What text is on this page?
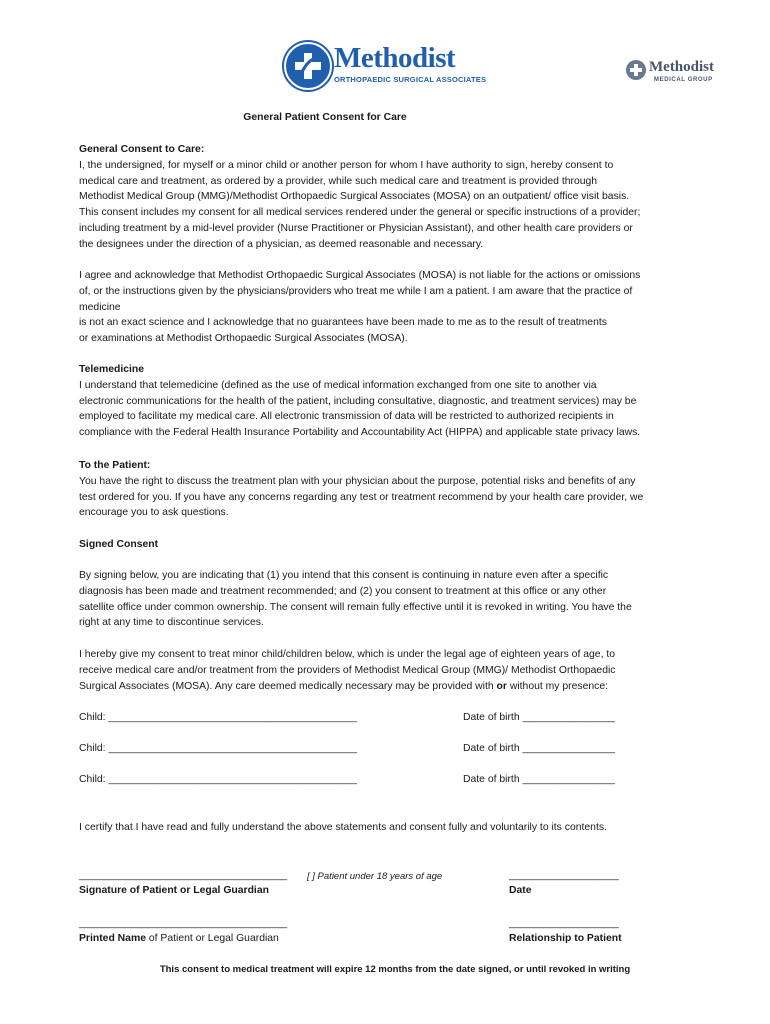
Methodist
ORTHOPAEDIC SURGICAL ASSOCIATES
Methodist
MEDICAL GROUP
General Patient Consent for Care
General Consent to Care:
I, the undersigned, for myself or a minor child or another person for whom I have authority to sign, hereby consent to
medical care and treatment, as ordered by a provider, while such medical care and treatment is provided through
Methodist Medical Group (MMG)/Methodist Orthopaedic Surgical Associates (MOSA) on an outpatient/ office visit basis.
This consent includes my consent for all medical services rendered under the general or specific instructions of a provider;
including treatment by a mid-level provider (Nurse Practitioner or Physician Assistant), and other health care providers or
the designees under the direction of a physician, as deemed reasonable and necessary.
I agree and acknowledge that Methodist Orthopaedic Surgical Associates (MOSA) is not liable for the actions or omissions
of, or the instructions given by the physicians/providers who treat me while I am a patient. I am aware that the practice of
medicine
is not an exact science and I acknowledge that no guarantees have been made to me as to the result of treatments
or examinations at Methodist Orthopaedic Surgical Associates (MOSA).
Telemedicine
I understand that telemedicine (defined as the use of medical information exchanged from one site to another via
electronic communications for the health of the patient, including consultative, diagnostic, and treatment services) may be
employed to facilitate my medical care. All electronic transmission of data will be restricted to authorized recipients in
compliance with the Federal Health Insurance Portability and Accountability Act (HIPPA) and applicable state privacy laws.
To the Patient:
You have the right to discuss the treatment plan with your physician about the purpose, potential risks and benefits of any
test ordered for you. If you have any concerns regarding any test or treatment recommend by your health care provider, we
encourage you to ask questions.
Signed Consent
By signing below, you are indicating that (1) you intend that this consent is continuing in nature even after a specific
diagnosis has been made and treatment recommended; and (2) you consent to treatment at this office or any other
satellite office under common ownership. The consent will remain fully effective until it is revoked in writing. You have the
right at any time to discontinue services.
I hereby give my consent to treat minor child/children below, which is under the legal age of eighteen years of age, to
receive medical care and/or treatment from the providers of Methodist Medical Group (MMG)/ Methodist Orthopaedic
Surgical Associates (MOSA). Any care deemed medically necessary may be provided with or without my presence:
Child: ___________________________________________	Date of birth ________________
Child: ___________________________________________	Date of birth ________________
Child: ___________________________________________	Date of birth ________________
I certify that I have read and fully understand the above statements and consent fully and voluntarily to its contents.
____________________________________ [ ] Patient under 18 years of age	___________________
Signature of Patient or Legal Guardian	Date
____________________________________	___________________
Printed Name of Patient or Legal Guardian	Relationship to Patient
This consent to medical treatment will expire 12 months from the date signed, or until revoked in writing
